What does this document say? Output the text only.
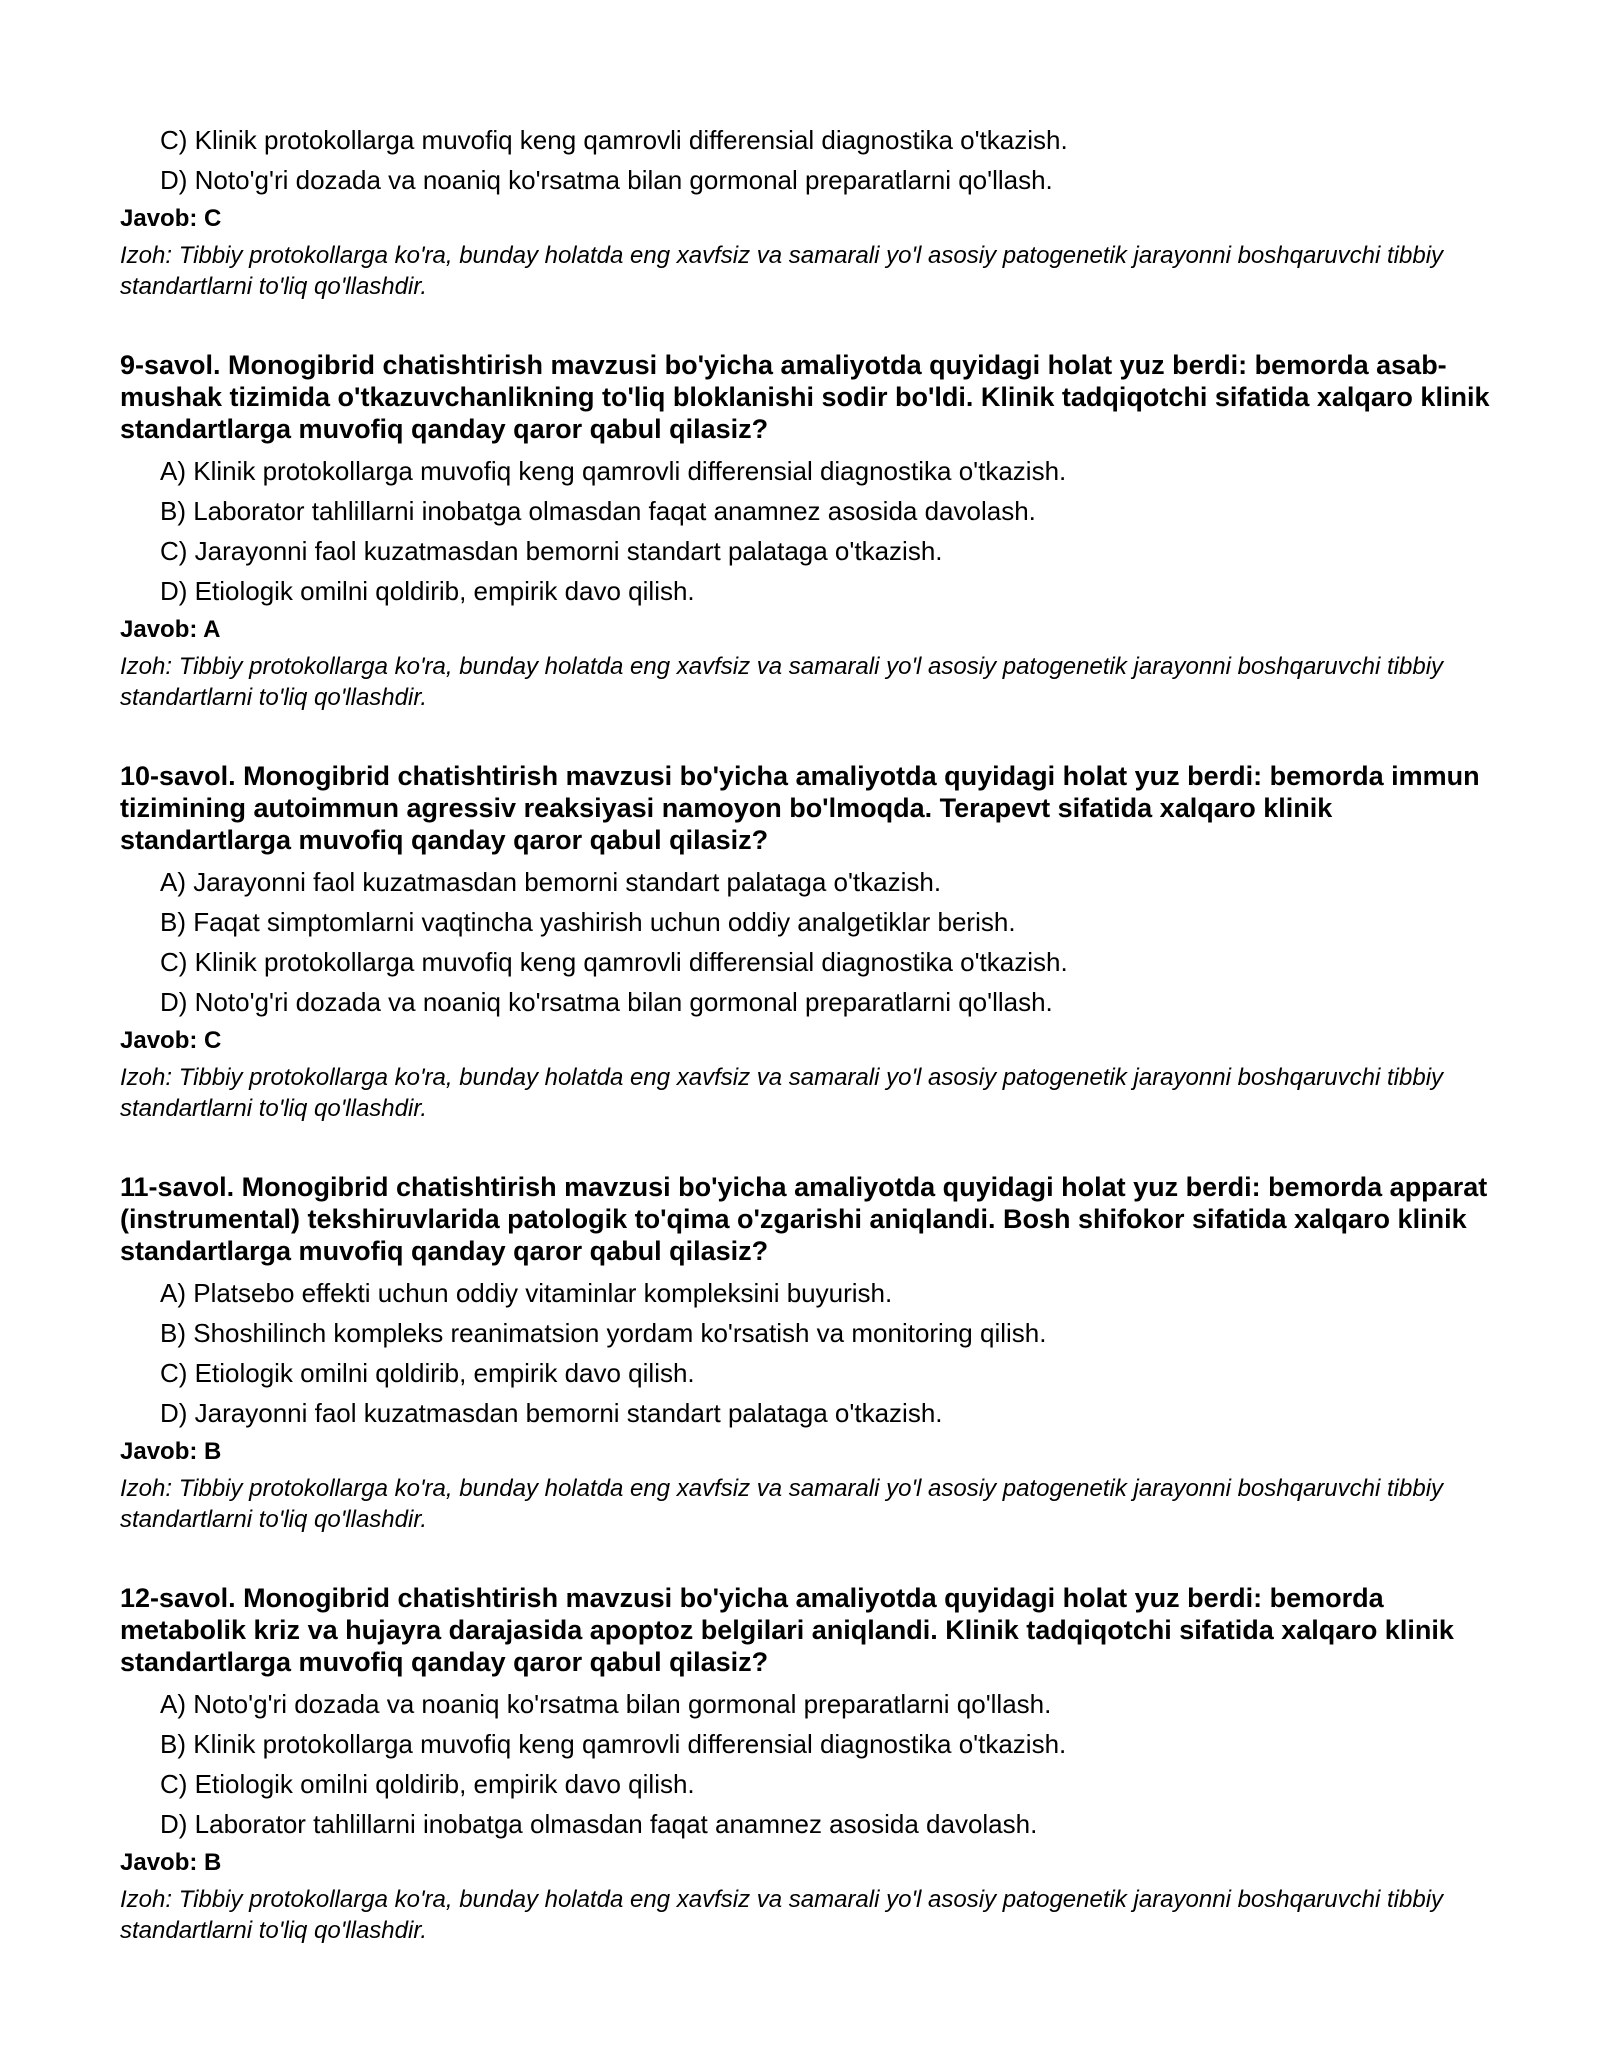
C) Klinik protokollarga muvofiq keng qamrovli differensial diagnostika o'tkazish.
D) Noto'g'ri dozada va noaniq ko'rsatma bilan gormonal preparatlarni qo'llash.
Javob: C
Izoh: Tibbiy protokollarga ko'ra, bunday holatda eng xavfsiz va samarali yo'l asosiy patogenetik jarayonni boshqaruvchi tibbiy standartlarni to'liq qo'llashdir.
9-savol. Monogibrid chatishtirish mavzusi bo'yicha amaliyotda quyidagi holat yuz berdi: bemorda asab-mushak tizimida o'tkazuvchanlikning to'liq bloklanishi sodir bo'ldi. Klinik tadqiqotchi sifatida xalqaro klinik standartlarga muvofiq qanday qaror qabul qilasiz?
A) Klinik protokollarga muvofiq keng qamrovli differensial diagnostika o'tkazish.
B) Laborator tahlillarni inobatga olmasdan faqat anamnez asosida davolash.
C) Jarayonni faol kuzatmasdan bemorni standart palataga o'tkazish.
D) Etiologik omilni qoldirib, empirik davo qilish.
Javob: A
Izoh: Tibbiy protokollarga ko'ra, bunday holatda eng xavfsiz va samarali yo'l asosiy patogenetik jarayonni boshqaruvchi tibbiy standartlarni to'liq qo'llashdir.
10-savol. Monogibrid chatishtirish mavzusi bo'yicha amaliyotda quyidagi holat yuz berdi: bemorda immun tizimining autoimmun agressiv reaksiyasi namoyon bo'lmoqda. Terapevt sifatida xalqaro klinik standartlarga muvofiq qanday qaror qabul qilasiz?
A) Jarayonni faol kuzatmasdan bemorni standart palataga o'tkazish.
B) Faqat simptomlarni vaqtincha yashirish uchun oddiy analgetiklar berish.
C) Klinik protokollarga muvofiq keng qamrovli differensial diagnostika o'tkazish.
D) Noto'g'ri dozada va noaniq ko'rsatma bilan gormonal preparatlarni qo'llash.
Javob: C
Izoh: Tibbiy protokollarga ko'ra, bunday holatda eng xavfsiz va samarali yo'l asosiy patogenetik jarayonni boshqaruvchi tibbiy standartlarni to'liq qo'llashdir.
11-savol. Monogibrid chatishtirish mavzusi bo'yicha amaliyotda quyidagi holat yuz berdi: bemorda apparat (instrumental) tekshiruvlarida patologik to'qima o'zgarishi aniqlandi. Bosh shifokor sifatida xalqaro klinik standartlarga muvofiq qanday qaror qabul qilasiz?
A) Platsebo effekti uchun oddiy vitaminlar kompleksini buyurish.
B) Shoshilinch kompleks reanimatsion yordam ko'rsatish va monitoring qilish.
C) Etiologik omilni qoldirib, empirik davo qilish.
D) Jarayonni faol kuzatmasdan bemorni standart palataga o'tkazish.
Javob: B
Izoh: Tibbiy protokollarga ko'ra, bunday holatda eng xavfsiz va samarali yo'l asosiy patogenetik jarayonni boshqaruvchi tibbiy standartlarni to'liq qo'llashdir.
12-savol. Monogibrid chatishtirish mavzusi bo'yicha amaliyotda quyidagi holat yuz berdi: bemorda metabolik kriz va hujayra darajasida apoptoz belgilari aniqlandi. Klinik tadqiqotchi sifatida xalqaro klinik standartlarga muvofiq qanday qaror qabul qilasiz?
A) Noto'g'ri dozada va noaniq ko'rsatma bilan gormonal preparatlarni qo'llash.
B) Klinik protokollarga muvofiq keng qamrovli differensial diagnostika o'tkazish.
C) Etiologik omilni qoldirib, empirik davo qilish.
D) Laborator tahlillarni inobatga olmasdan faqat anamnez asosida davolash.
Javob: B
Izoh: Tibbiy protokollarga ko'ra, bunday holatda eng xavfsiz va samarali yo'l asosiy patogenetik jarayonni boshqaruvchi tibbiy standartlarni to'liq qo'llashdir.
